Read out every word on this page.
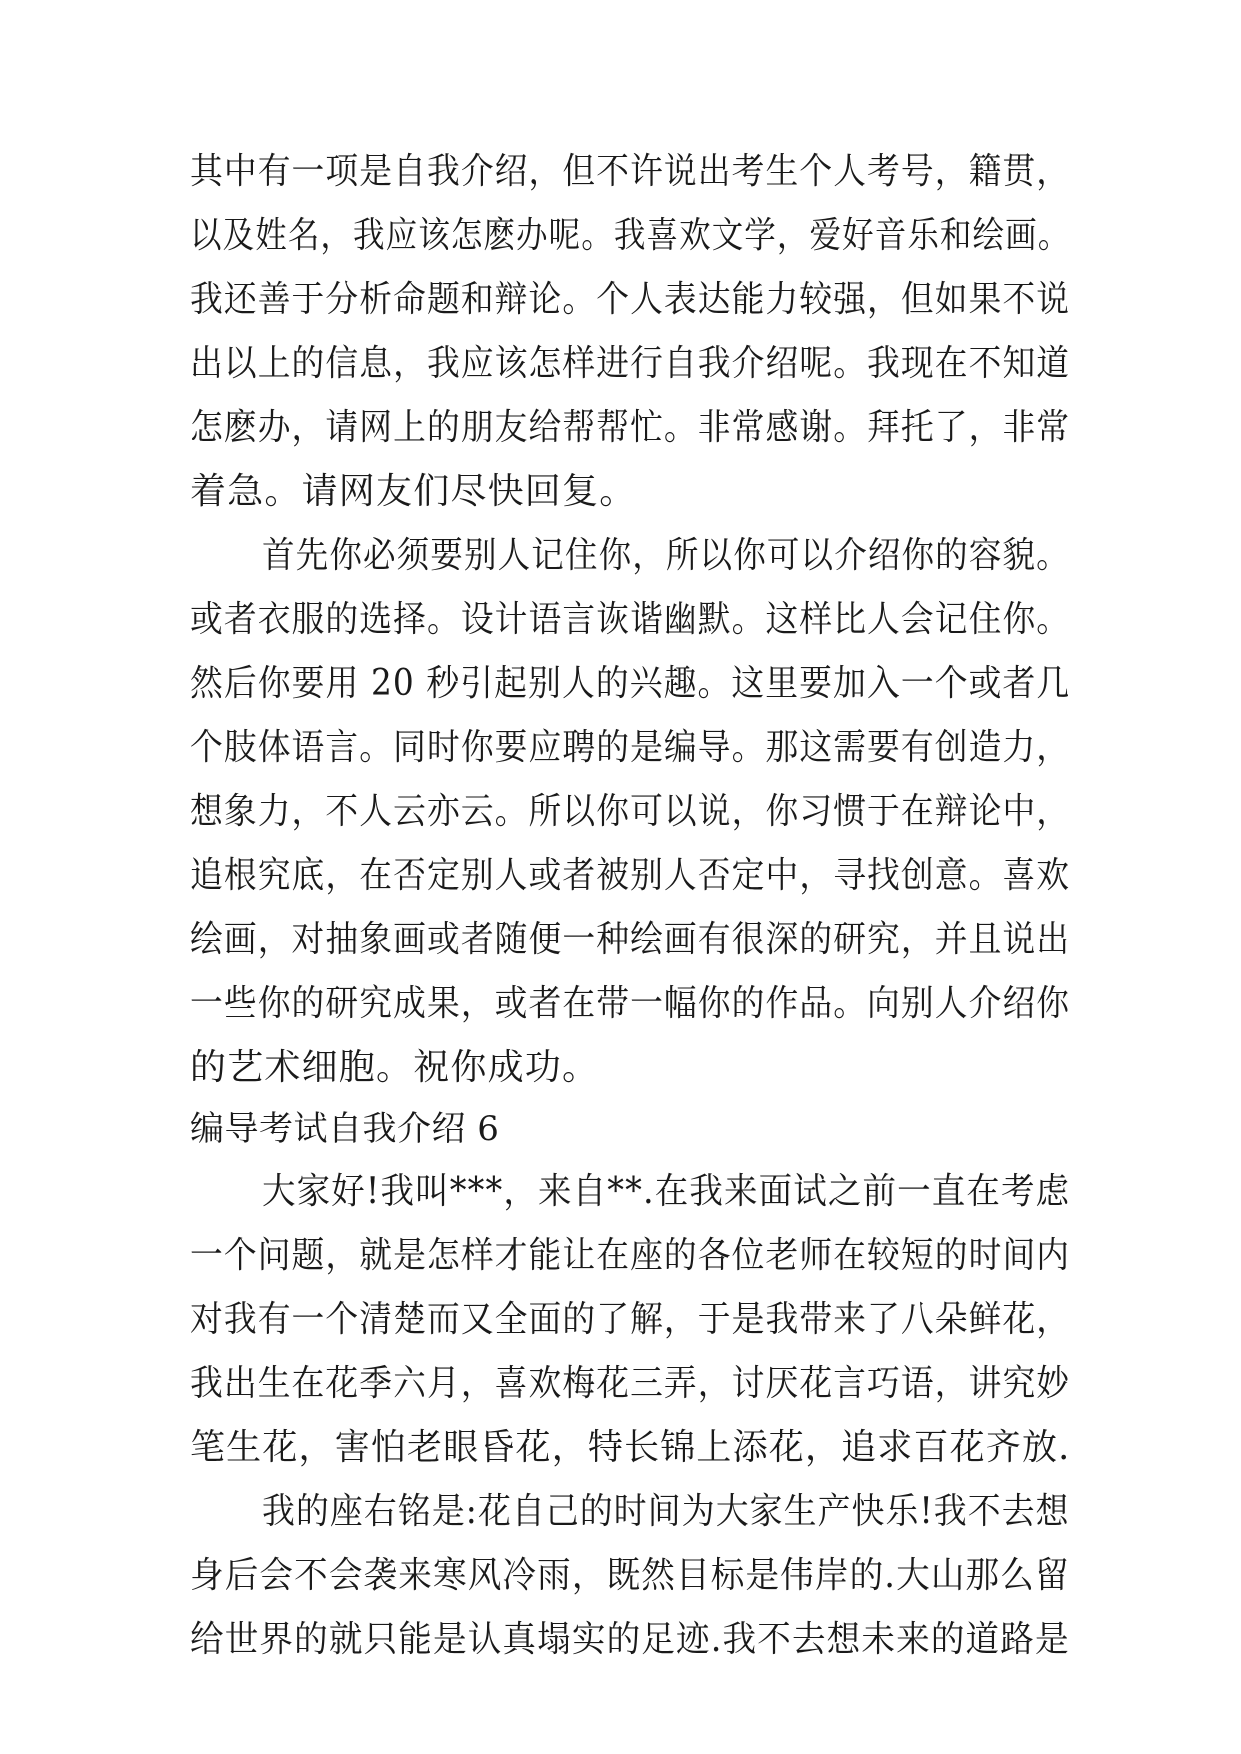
其中有一项是自我介绍，但不许说出考生个人考号，籍贯，
以及姓名，我应该怎麽办呢。我喜欢文学，爱好音乐和绘画。
我还善于分析命题和辩论。个人表达能力较强，但如果不说
出以上的信息，我应该怎样进行自我介绍呢。我现在不知道
怎麽办，请网上的朋友给帮帮忙。非常感谢。拜托了，非常
着急。请网友们尽快回复。
首先你必须要别人记住你，所以你可以介绍你的容貌。
或者衣服的选择。设计语言诙谐幽默。这样比人会记住你。
然后你要用 20 秒引起别人的兴趣。这里要加入一个或者几
个肢体语言。同时你要应聘的是编导。那这需要有创造力，
想象力，不人云亦云。所以你可以说，你习惯于在辩论中，
追根究底，在否定别人或者被别人否定中，寻找创意。喜欢
绘画，对抽象画或者随便一种绘画有很深的研究，并且说出
一些你的研究成果，或者在带一幅你的作品。向别人介绍你
的艺术细胞。祝你成功。
编导考试自我介绍 6
大家好!我叫***，来自**.在我来面试之前一直在考虑
一个问题，就是怎样才能让在座的各位老师在较短的时间内
对我有一个清楚而又全面的了解，于是我带来了八朵鲜花，
我出生在花季六月，喜欢梅花三弄，讨厌花言巧语，讲究妙
笔生花，害怕老眼昏花，特长锦上添花，追求百花齐放.
我的座右铭是:花自己的时间为大家生产快乐!我不去想
身后会不会袭来寒风冷雨，既然目标是伟岸的.大山那么留
给世界的就只能是认真塌实的足迹.我不去想未来的道路是
